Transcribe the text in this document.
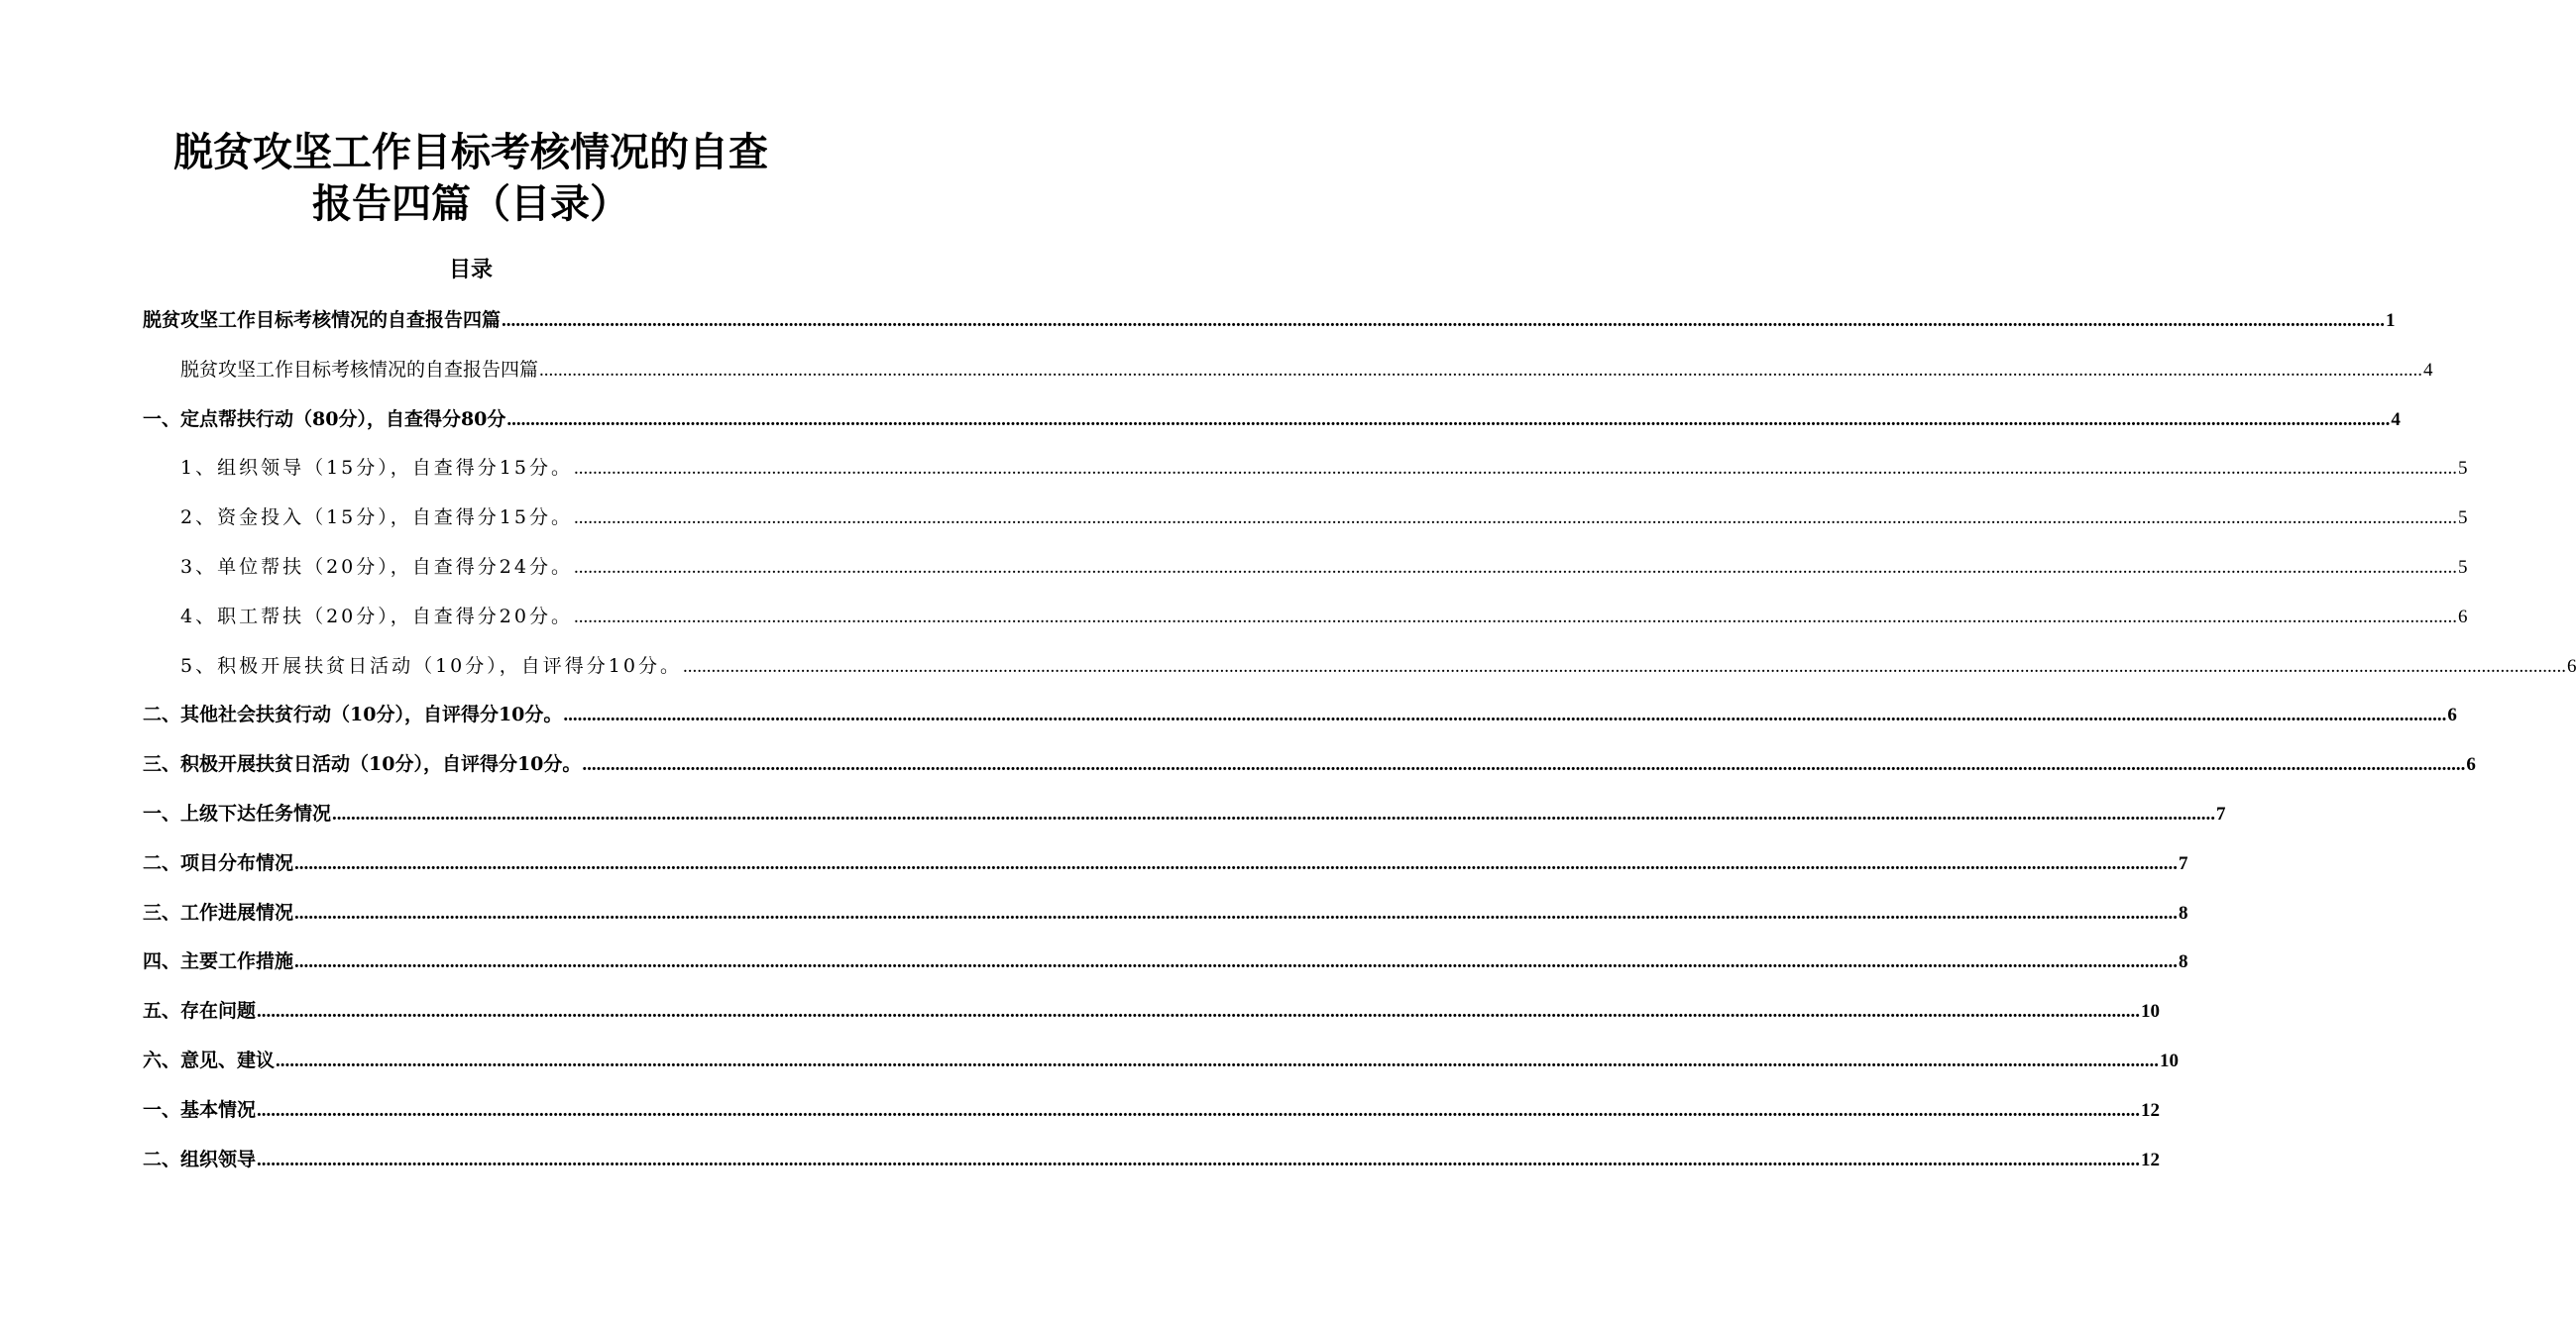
脱贫攻坚工作目标考核情况的自查
报告四篇（目录）
目录
脱贫攻坚工作目标考核情况的自查报告四篇 ................................................................................................................................................................................................................................................................................................................................................................................................................ 1
脱贫攻坚工作目标考核情况的自查报告四篇 ................................................................................................................................................................................................................................................................................................................................................................................................................ 4
一、定点帮扶行动（80分），自查得分80分 ................................................................................................................................................................................................................................................................................................................................................................................................................ 4
1、组织领导（15分），自查得分15分。 ................................................................................................................................................................................................................................................................................................................................................................................................................ 5
2、资金投入（15分），自查得分15分。 ................................................................................................................................................................................................................................................................................................................................................................................................................ 5
3、单位帮扶（20分），自查得分24分。 ................................................................................................................................................................................................................................................................................................................................................................................................................ 5
4、职工帮扶（20分），自查得分20分。 ................................................................................................................................................................................................................................................................................................................................................................................................................ 6
5、积极开展扶贫日活动（10分），自评得分10分。 ................................................................................................................................................................................................................................................................................................................................................................................................................ 6
二、其他社会扶贫行动（10分），自评得分10分。 ................................................................................................................................................................................................................................................................................................................................................................................................................ 6
三、积极开展扶贫日活动（10分），自评得分10分。 ................................................................................................................................................................................................................................................................................................................................................................................................................ 6
一、上级下达任务情况 ................................................................................................................................................................................................................................................................................................................................................................................................................ 7
二、项目分布情况 ................................................................................................................................................................................................................................................................................................................................................................................................................ 7
三、工作进展情况 ................................................................................................................................................................................................................................................................................................................................................................................................................ 8
四、主要工作措施 ................................................................................................................................................................................................................................................................................................................................................................................................................ 8
五、存在问题 ................................................................................................................................................................................................................................................................................................................................................................................................................ 10
六、意见、建议 ................................................................................................................................................................................................................................................................................................................................................................................................................ 10
一、基本情况 ................................................................................................................................................................................................................................................................................................................................................................................................................ 12
二、组织领导 ................................................................................................................................................................................................................................................................................................................................................................................................................ 12
